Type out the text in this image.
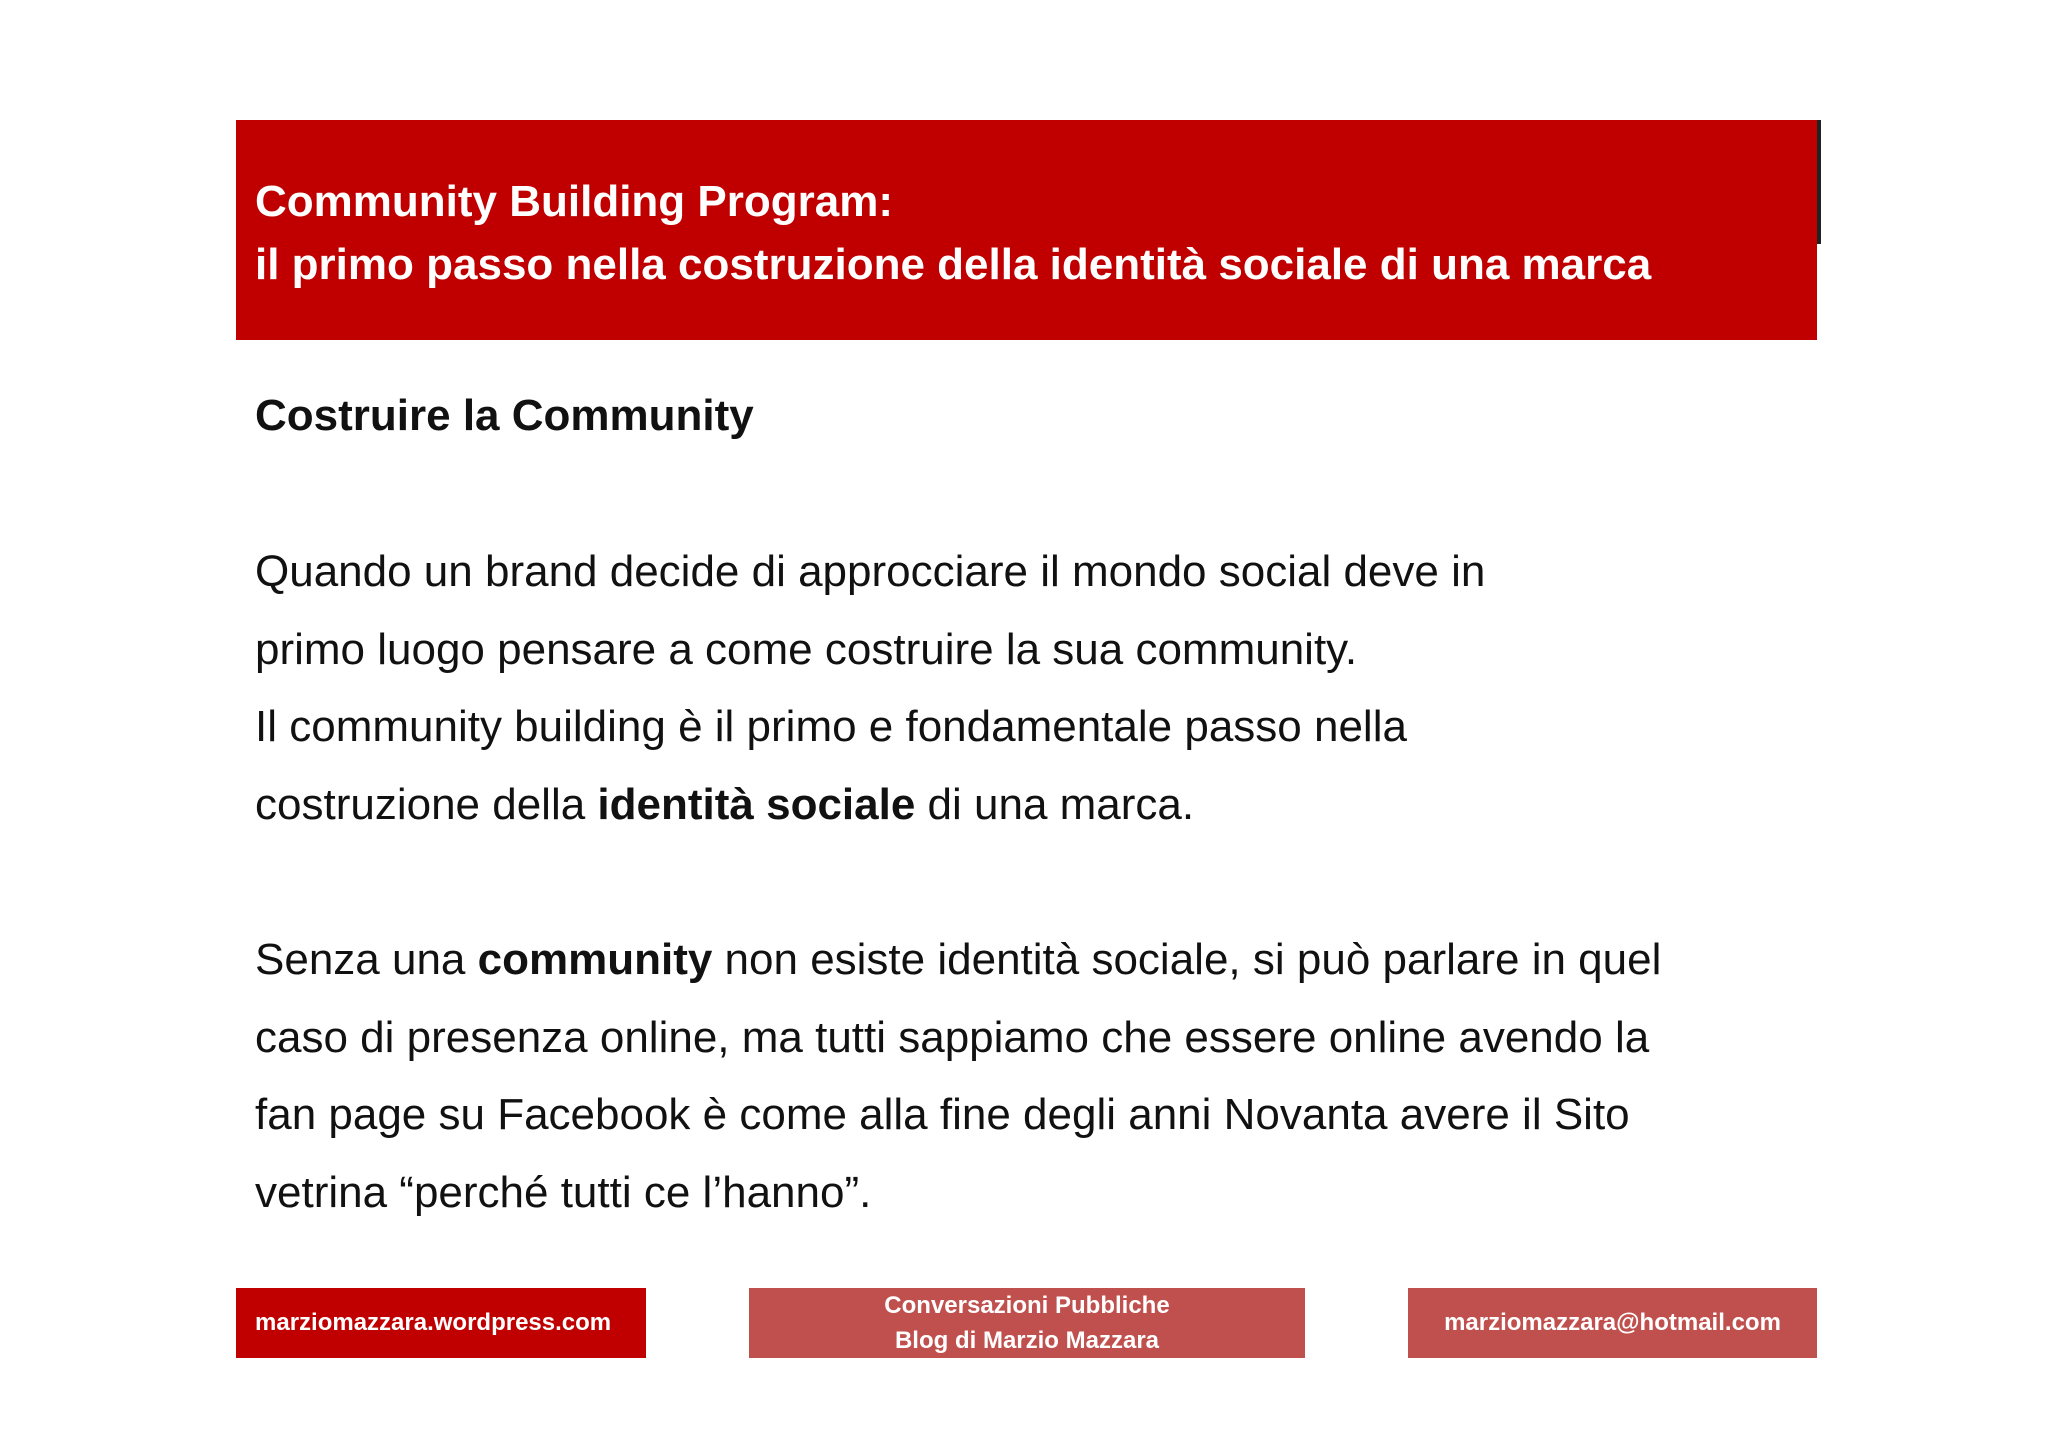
Community Building Program:
il primo passo nella costruzione della identità sociale di una marca
Costruire la Community
Quando un brand decide di approcciare il mondo social deve in
primo luogo pensare a come costruire la sua community.
Il community building è il primo e fondamentale passo nella
costruzione della identità sociale di una marca.
Senza una community non esiste identità sociale, si può parlare in quel
caso di presenza online, ma tutti sappiamo che essere online avendo la
fan page su Facebook è come alla fine degli anni Novanta avere il Sito
vetrina “perché tutti ce l’hanno”.
marziomazzara.wordpress.com
Conversazioni Pubbliche
Blog di Marzio Mazzara
marziomazzara@hotmail.com
